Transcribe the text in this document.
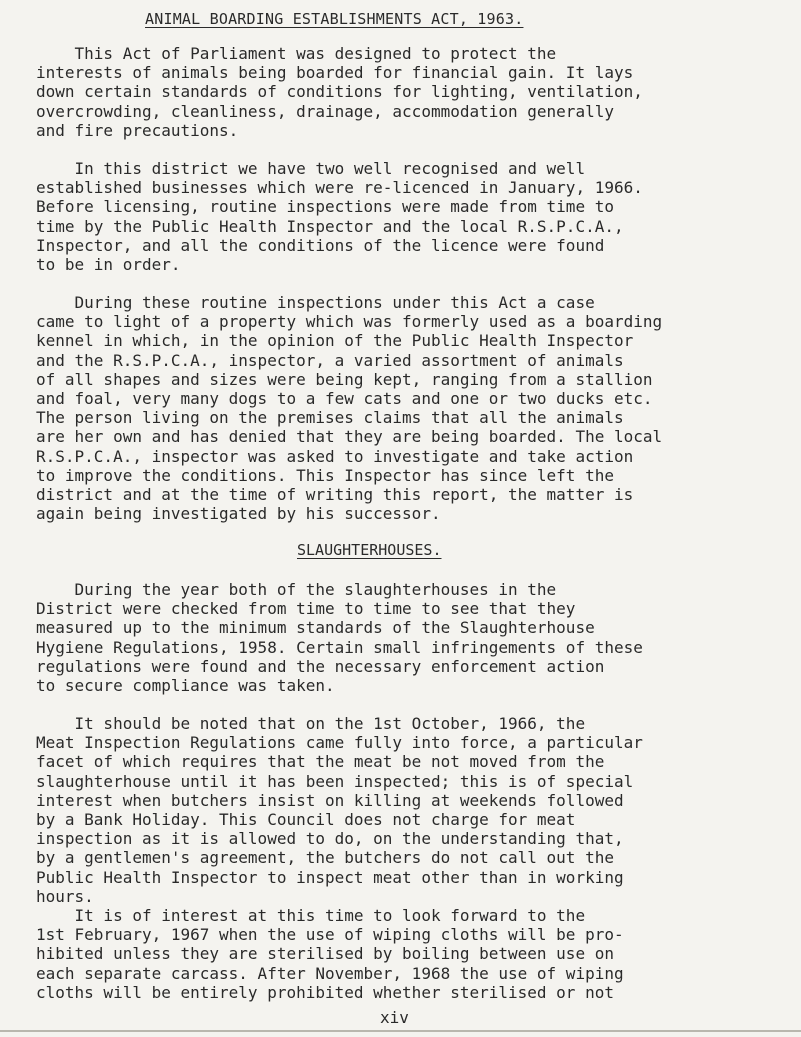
ANIMAL BOARDING ESTABLISHMENTS ACT, 1963.

This Act of Parliament was designed to protect the
interests of animals being boarded for financial gain. It lays
down certain standards of conditions for lighting, ventilation,
overcrowding, cleanliness, drainage, accommodation generally
and fire precautions.

In this district we have two well recognised and well
established businesses which were re-licenced in January, 1966.
Before licensing, routine inspections were made from time to
time by the Public Health Inspector and the local R.S.P.C.A.,
Inspector, and all the conditions of the licence were found
to be in order.

During these routine inspections under this Act a case
came to light of a property which was formerly used as a boarding
kennel in which, in the opinion of the Public Health Inspector
and the R.S.P.C.A., inspector, a varied assortment of animals
of all shapes and sizes were being kept, ranging from a stallion
and foal, very many dogs to a few cats and one or two ducks etc.
The person living on the premises claims that all the animals
are her own and has denied that they are being boarded. The local
R.S.P.C.A., inspector was asked to investigate and take action
to improve the conditions. This Inspector has since left the
district and at the time of writing this report, the matter is
again being investigated by his successor.

SLAUGHTERHOUSES.

During the year both of the slaughterhouses in the
District were checked from time to time to see that they
measured up to the minimum standards of the Slaughterhouse
Hygiene Regulations, 1958. Certain small infringements of these
regulations were found and the necessary enforcement action
to secure compliance was taken.

It should be noted that on the 1st October, 1966, the
Meat Inspection Regulations came fully into force, a particular
facet of which requires that the meat be not moved from the
slaughterhouse until it has been inspected; this is of special
interest when butchers insist on killing at weekends followed
by a Bank Holiday. This Council does not charge for meat
inspection as it is allowed to do, on the understanding that,
by a gentlemen's agreement, the butchers do not call out the
Public Health Inspector to inspect meat other than in working
hours.

It is of interest at this time to look forward to the
1st February, 1967 when the use of wiping cloths will be pro-
hibited unless they are sterilised by boiling between use on
each separate carcass. After November, 1968 the use of wiping
cloths will be entirely prohibited whether sterilised or not

xiv
